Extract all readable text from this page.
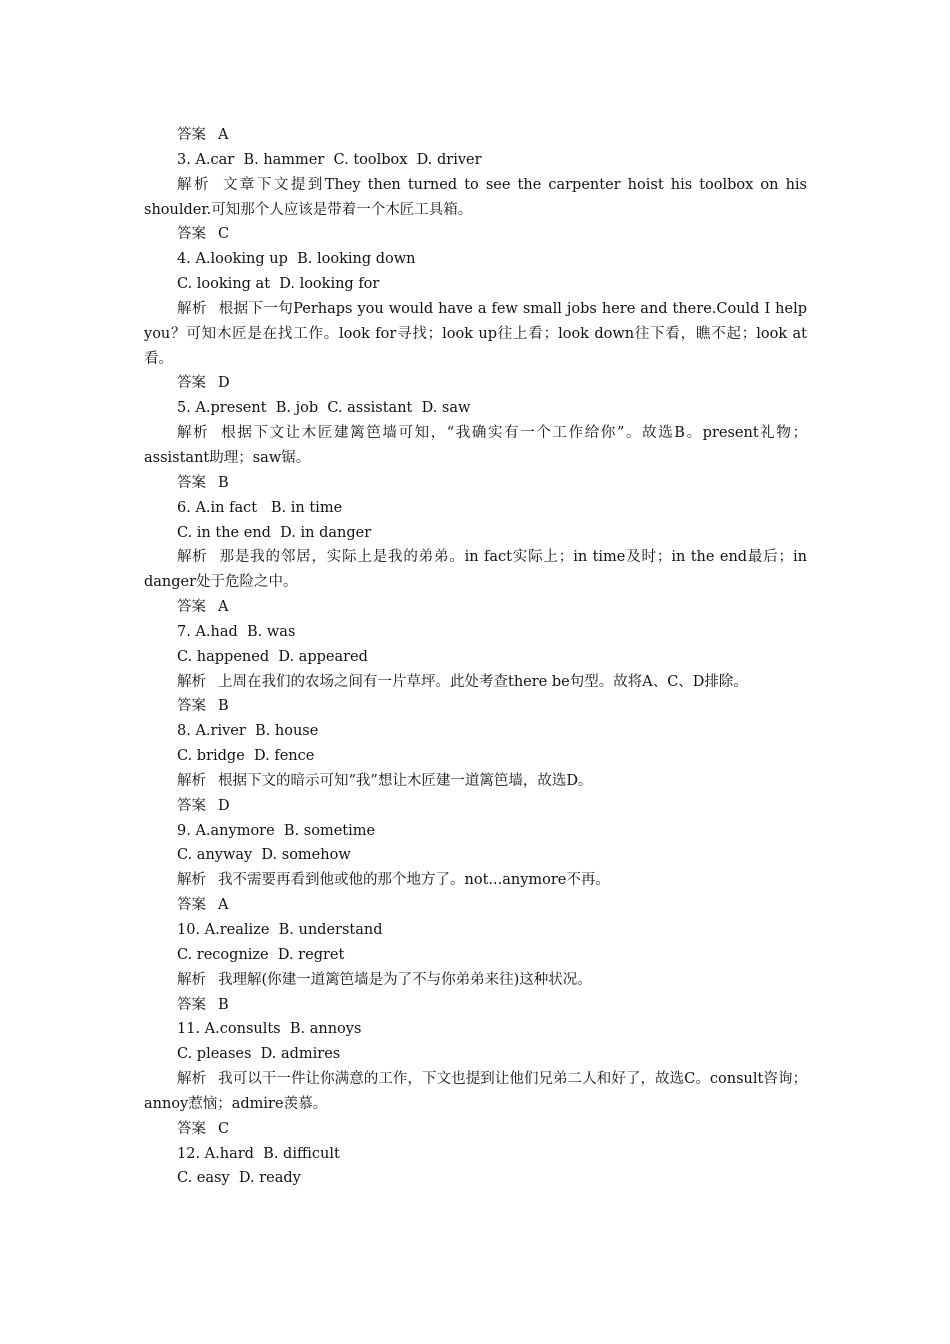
答案 A
3. A.car  B. hammer  C. toolbox  D. driver
解析 文章下文提到They then turned to see the carpenter hoist his toolbox on his shoulder.可知那个人应该是带着一个木匠工具箱。
答案 C
4. A.looking up  B. looking down
C. looking at  D. looking for
解析 根据下一句Perhaps you would have a few small jobs here and there.Could I help you？可知木匠是在找工作。look for寻找；look up往上看；look down往下看，瞧不起；look at看。
答案 D
5. A.present  B. job  C. assistant  D. saw
解析 根据下文让木匠建篱笆墙可知，“我确实有一个工作给你”。故选B。present礼物；assistant助理；saw锯。
答案 B
6. A.in fact   B. in time
C. in the end  D. in danger
解析 那是我的邻居，实际上是我的弟弟。in fact实际上；in time及时；in the end最后；in danger处于危险之中。
答案 A
7. A.had  B. was
C. happened  D. appeared
解析 上周在我们的农场之间有一片草坪。此处考查there be句型。故将A、C、D排除。
答案 B
8. A.river  B. house
C. bridge  D. fence
解析 根据下文的暗示可知“我”想让木匠建一道篱笆墙，故选D。
答案 D
9. A.anymore  B. sometime
C. anyway  D. somehow
解析 我不需要再看到他或他的那个地方了。not...anymore不再。
答案 A
10. A.realize  B. understand
C. recognize  D. regret
解析 我理解(你建一道篱笆墙是为了不与你弟弟来往)这种状况。
答案 B
11. A.consults  B. annoys
C. pleases  D. admires
解析 我可以干一件让你满意的工作，下文也提到让他们兄弟二人和好了，故选C。consult咨询；annoy惹恼；admire羡慕。
答案 C
12. A.hard  B. difficult
C. easy  D. ready
